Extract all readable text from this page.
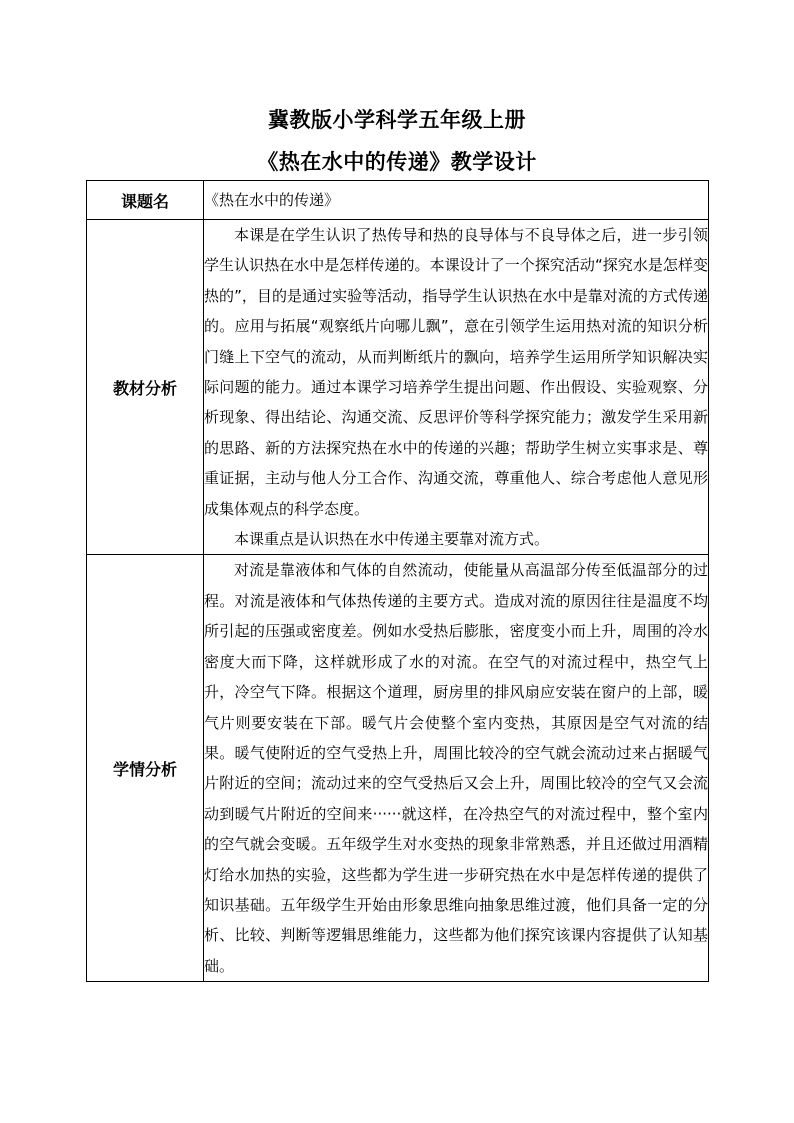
冀教版小学科学五年级上册
《热在水中的传递》教学设计
课题名	《热在水中的传递》
教材分析	本课是在学生认识了热传导和热的良导体与不良导体之后，进一步引领学生认识热在水中是怎样传递的。本课设计了一个探究活动“探究水是怎样变热的”，目的是通过实验等活动，指导学生认识热在水中是靠对流的方式传递的。应用与拓展“观察纸片向哪儿飘”，意在引领学生运用热对流的知识分析门缝上下空气的流动，从而判断纸片的飘向，培养学生运用所学知识解决实际问题的能力。通过本课学习培养学生提出问题、作出假设、实验观察、分析现象、得出结论、沟通交流、反思评价等科学探究能力；激发学生采用新的思路、新的方法探究热在水中的传递的兴趣；帮助学生树立实事求是、尊重证据，主动与他人分工合作、沟通交流，尊重他人、综合考虑他人意见形成集体观点的科学态度。

本课重点是认识热在水中传递主要靠对流方式。

学情分析	对流是靠液体和气体的自然流动，使能量从高温部分传至低温部分的过程。对流是液体和气体热传递的主要方式。造成对流的原因往往是温度不均所引起的压强或密度差。例如水受热后膨胀，密度变小而上升，周围的冷水密度大而下降，这样就形成了水的对流。在空气的对流过程中，热空气上升，冷空气下降。根据这个道理，厨房里的排风扇应安装在窗户的上部，暖气片则要安装在下部。暖气片会使整个室内变热，其原因是空气对流的结果。暖气使附近的空气受热上升，周围比较冷的空气就会流动过来占据暖气片附近的空间；流动过来的空气受热后又会上升，周围比较冷的空气又会流动到暖气片附近的空间来······就这样，在冷热空气的对流过程中，整个室内的空气就会变暖。五年级学生对水变热的现象非常熟悉，并且还做过用酒精灯给水加热的实验，这些都为学生进一步研究热在水中是怎样传递的提供了知识基础。五年级学生开始由形象思维向抽象思维过渡，他们具备一定的分析、比较、判断等逻辑思维能力，这些都为他们探究该课内容提供了认知基础。
